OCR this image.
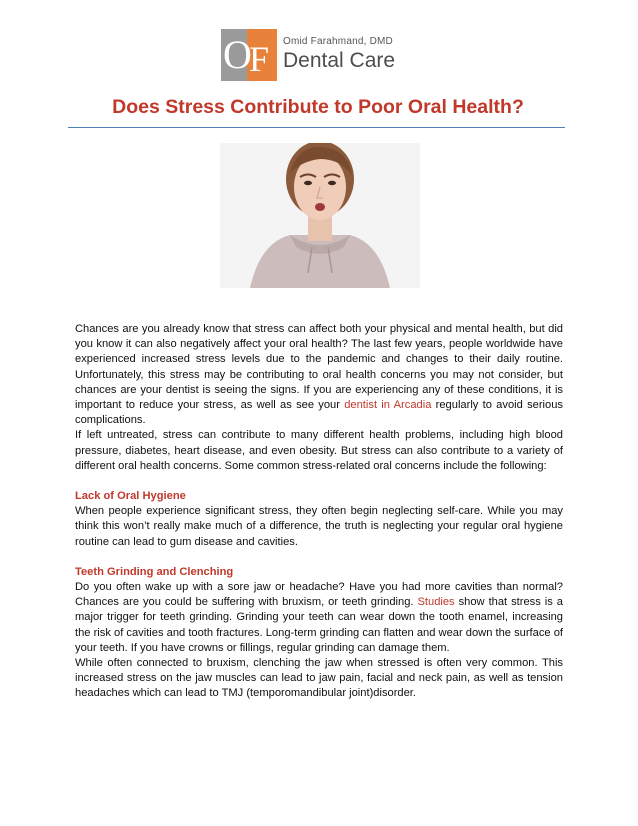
O
F Omid Farahmand, DMD
Dental Care
Does Stress Contribute to Poor Oral Health?

Chances are you already know that stress can affect both your physical and mental health, but did you know it can also negatively affect your oral health? The last few years, people worldwide have experienced increased stress levels due to the pandemic and changes to their daily routine. Unfortunately, this stress may be contributing to oral health concerns you may not consider, but chances are your dentist is seeing the signs. If you are experiencing any of these conditions, it is important to reduce your stress, as well as see your dentist in Arcadia regularly to avoid serious complications.

If left untreated, stress can contribute to many different health problems, including high blood pressure, diabetes, heart disease, and even obesity. But stress can also contribute to a variety of different oral health concerns. Some common stress-related oral concerns include the following:

Lack of Oral Hygiene

When people experience significant stress, they often begin neglecting self-care. While you may think this won’t really make much of a difference, the truth is neglecting your regular oral hygiene routine can lead to gum disease and cavities.

Teeth Grinding and Clenching

Do you often wake up with a sore jaw or headache? Have you had more cavities than normal? Chances are you could be suffering with bruxism, or teeth grinding. Studies show that stress is a major trigger for teeth grinding. Grinding your teeth can wear down the tooth enamel, increasing the risk of cavities and tooth fractures. Long-term grinding can flatten and wear down the surface of your teeth. If you have crowns or fillings, regular grinding can damage them.

While often connected to bruxism, clenching the jaw when stressed is often very common. This increased stress on the jaw muscles can lead to jaw pain, facial and neck pain, as well as tension headaches which can lead to TMJ (temporomandibular joint)disorder.
